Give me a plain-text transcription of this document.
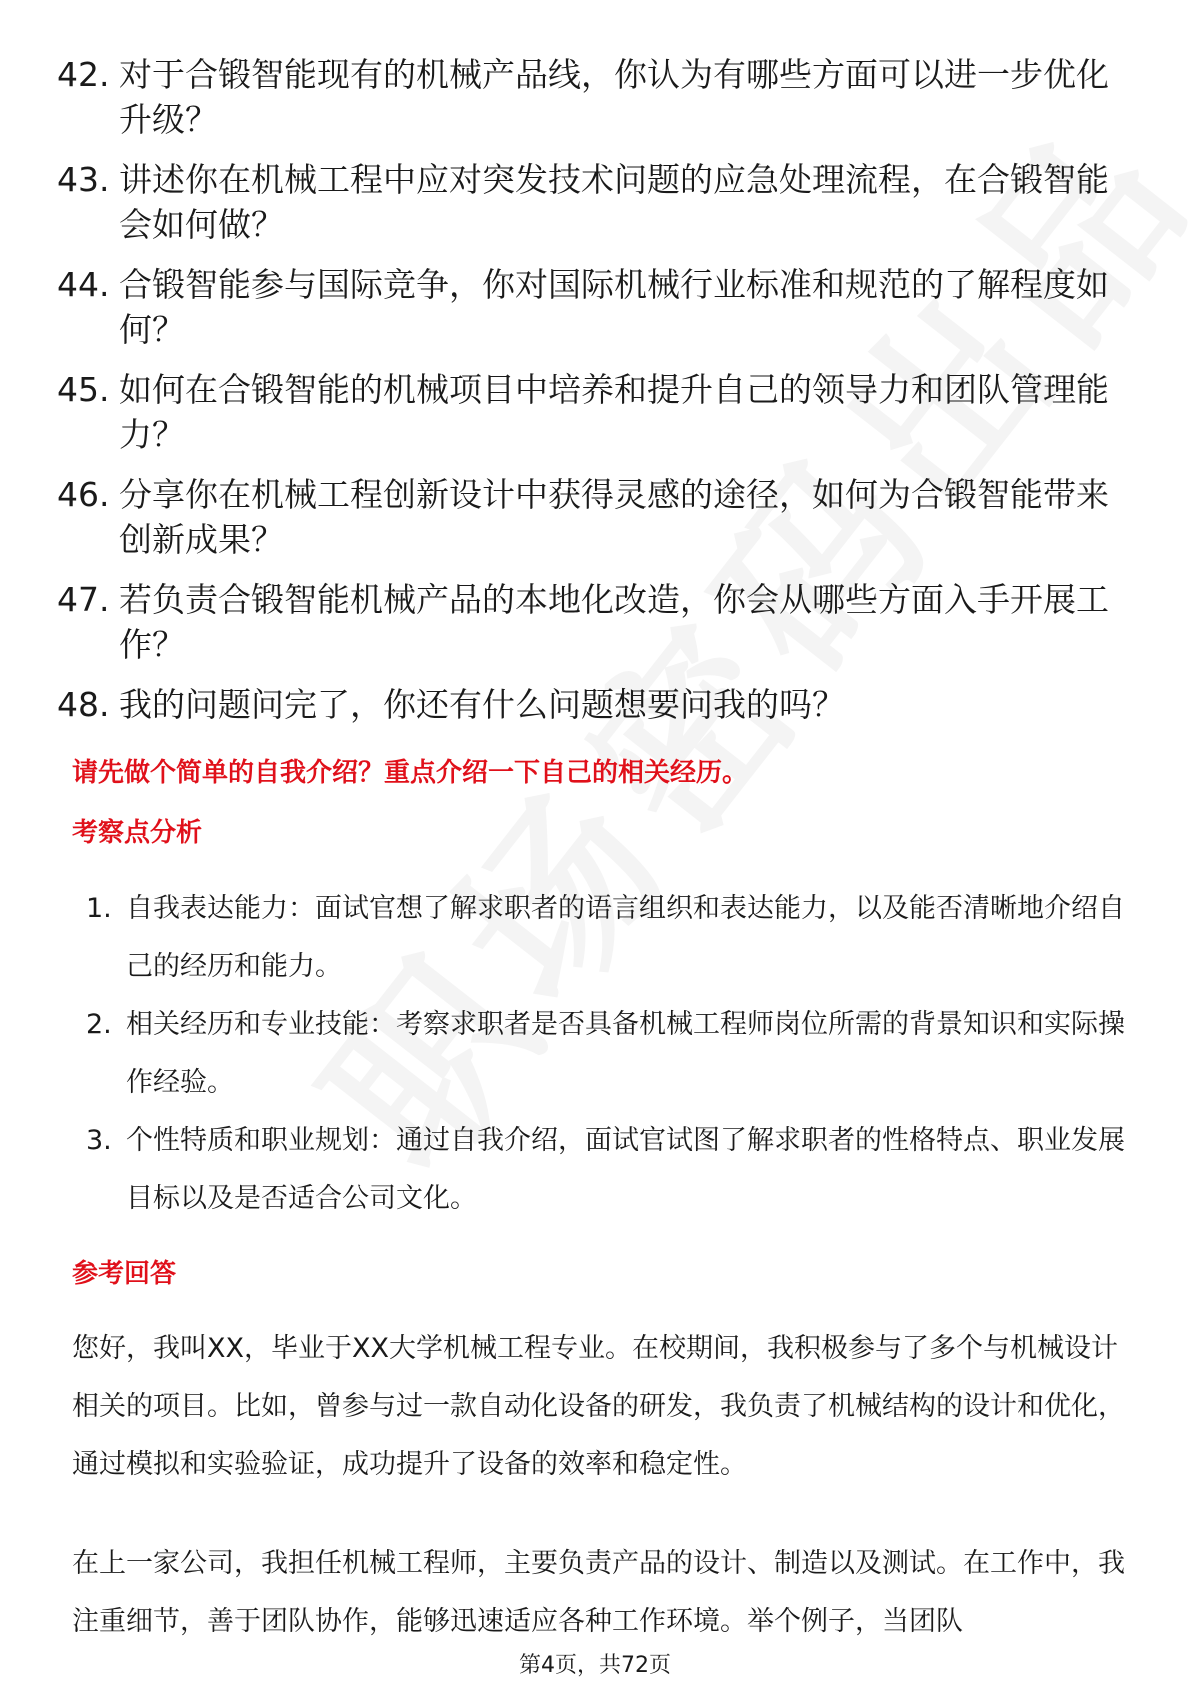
42. 对于合锻智能现有的机械产品线，你认为有哪些方面可以进一步优化升级？
43. 讲述你在机械工程中应对突发技术问题的应急处理流程，在合锻智能会如何做？
44. 合锻智能参与国际竞争，你对国际机械行业标准和规范的了解程度如何？
45. 如何在合锻智能的机械项目中培养和提升自己的领导力和团队管理能力？
46. 分享你在机械工程创新设计中获得灵感的途径，如何为合锻智能带来创新成果？
47. 若负责合锻智能机械产品的本地化改造，你会从哪些方面入手开展工作？
48. 我的问题问完了，你还有什么问题想要问我的吗？
请先做个简单的自我介绍？重点介绍一下自己的相关经历。
考察点分析
1. 自我表达能力：面试官想了解求职者的语言组织和表达能力，以及能否清晰地介绍自己的经历和能力。
2. 相关经历和专业技能：考察求职者是否具备机械工程师岗位所需的背景知识和实际操作经验。
3. 个性特质和职业规划：通过自我介绍，面试官试图了解求职者的性格特点、职业发展目标以及是否适合公司文化。
参考回答

您好，我叫XX，毕业于XX大学机械工程专业。在校期间，我积极参与了多个与机械设计相关的项目。比如，曾参与过一款自动化设备的研发，我负责了机械结构的设计和优化，通过模拟和实验验证，成功提升了设备的效率和稳定性。

在上一家公司，我担任机械工程师，主要负责产品的设计、制造以及测试。在工作中，我注重细节，善于团队协作，能够迅速适应各种工作环境。举个例子，当团队

第4页，共72页
